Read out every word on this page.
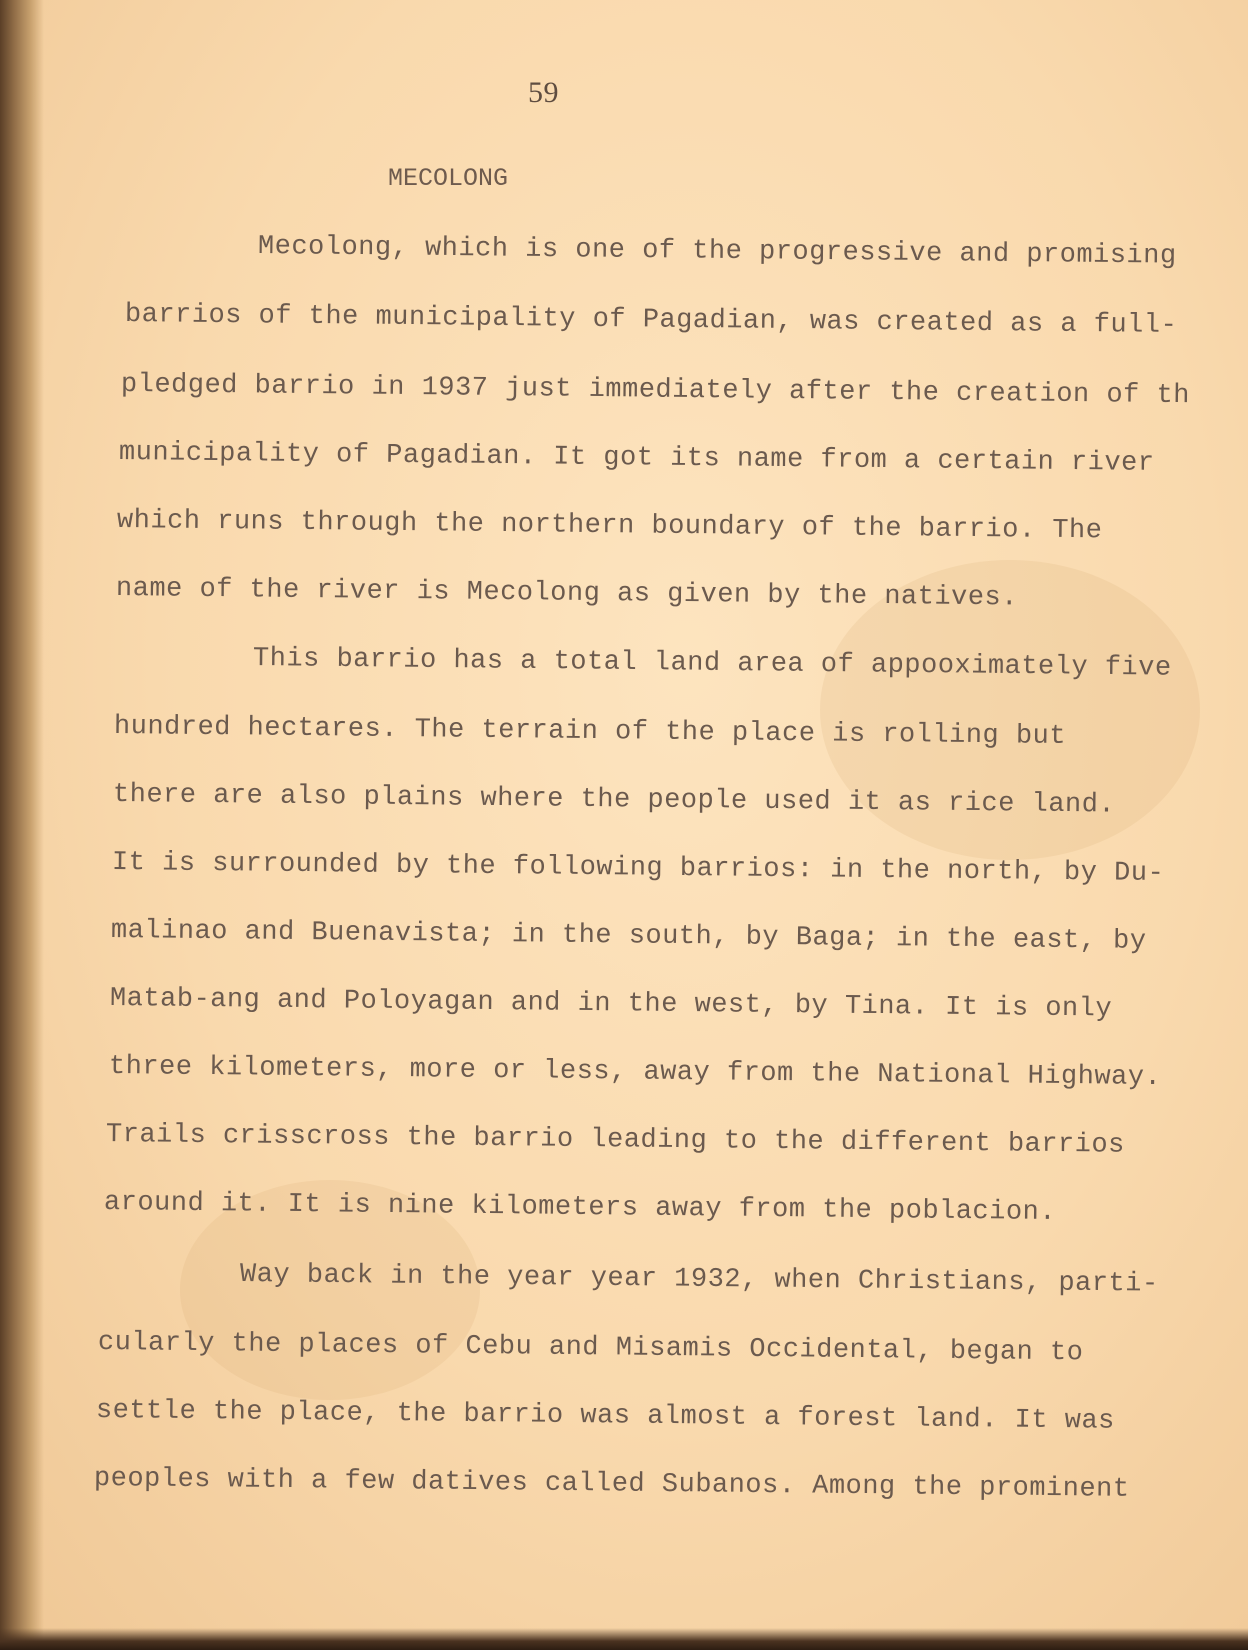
59
MECOLONG
Mecolong, which is one of the progressive and promising
barrios of the municipality of Pagadian, was created as a full-
pledged barrio in 1937 just immediately after the creation of th
municipality of Pagadian. It got its name from a certain river
which runs through the northern boundary of the barrio. The
name of the river is Mecolong as given by the natives.
This barrio has a total land area of appooximately five
hundred hectares. The terrain of the place is rolling but
there are also plains where the people used it as rice land.
It is surrounded by the following barrios: in the north, by Du-
malinao and Buenavista; in the south, by Baga; in the east, by
Matab-ang and Poloyagan and in the west, by Tina. It is only
three kilometers, more or less, away from the National Highway.
Trails crisscross the barrio leading to the different barrios
around it. It is nine kilometers away from the poblacion.
Way back in the year year 1932, when Christians, parti-
cularly the places of Cebu and Misamis Occidental, began to
settle the place, the barrio was almost a forest land. It was
peoples with a few datives called Subanos. Among the prominent
